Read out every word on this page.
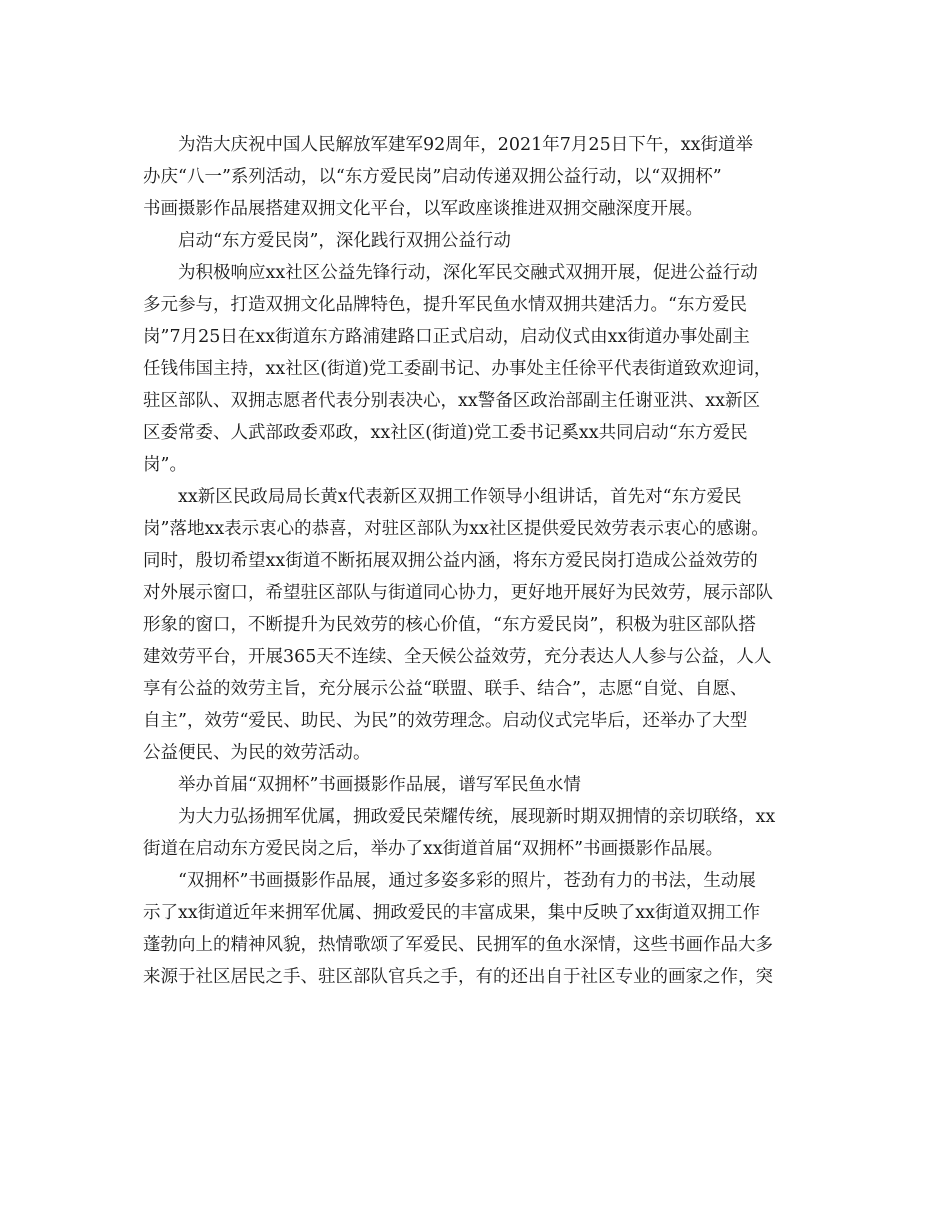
为浩大庆祝中国人民解放军建军92周年，2021年7月25日下午，xx街道举
办庆“八一”系列活动，以“东方爱民岗”启动传递双拥公益行动，以“双拥杯”
书画摄影作品展搭建双拥文化平台，以军政座谈推进双拥交融深度开展。
启动“东方爱民岗”，深化践行双拥公益行动
为积极响应xx社区公益先锋行动，深化军民交融式双拥开展，促进公益行动
多元参与，打造双拥文化品牌特色，提升军民鱼水情双拥共建活力。“东方爱民
岗”7月25日在xx街道东方路浦建路口正式启动，启动仪式由xx街道办事处副主
任钱伟国主持，xx社区(街道)党工委副书记、办事处主任徐平代表街道致欢迎词，
驻区部队、双拥志愿者代表分别表决心，xx警备区政治部副主任谢亚洪、xx新区
区委常委、人武部政委邓政，xx社区(街道)党工委书记奚xx共同启动“东方爱民
岗”。
xx新区民政局局长黄x代表新区双拥工作领导小组讲话，首先对“东方爱民
岗”落地xx表示衷心的恭喜，对驻区部队为xx社区提供爱民效劳表示衷心的感谢。
同时，殷切希望xx街道不断拓展双拥公益内涵，将东方爱民岗打造成公益效劳的
对外展示窗口，希望驻区部队与街道同心协力，更好地开展好为民效劳，展示部队
形象的窗口，不断提升为民效劳的核心价值，“东方爱民岗”，积极为驻区部队搭
建效劳平台，开展365天不连续、全天候公益效劳，充分表达人人参与公益，人人
享有公益的效劳主旨，充分展示公益“联盟、联手、结合”，志愿“自觉、自愿、
自主”，效劳“爱民、助民、为民”的效劳理念。启动仪式完毕后，还举办了大型
公益便民、为民的效劳活动。
举办首届“双拥杯”书画摄影作品展，谱写军民鱼水情
为大力弘扬拥军优属，拥政爱民荣耀传统，展现新时期双拥情的亲切联络，xx
街道在启动东方爱民岗之后，举办了xx街道首届“双拥杯”书画摄影作品展。
“双拥杯”书画摄影作品展，通过多姿多彩的照片，苍劲有力的书法，生动展
示了xx街道近年来拥军优属、拥政爱民的丰富成果，集中反映了xx街道双拥工作
蓬勃向上的精神风貌，热情歌颂了军爱民、民拥军的鱼水深情，这些书画作品大多
来源于社区居民之手、驻区部队官兵之手，有的还出自于社区专业的画家之作，突
